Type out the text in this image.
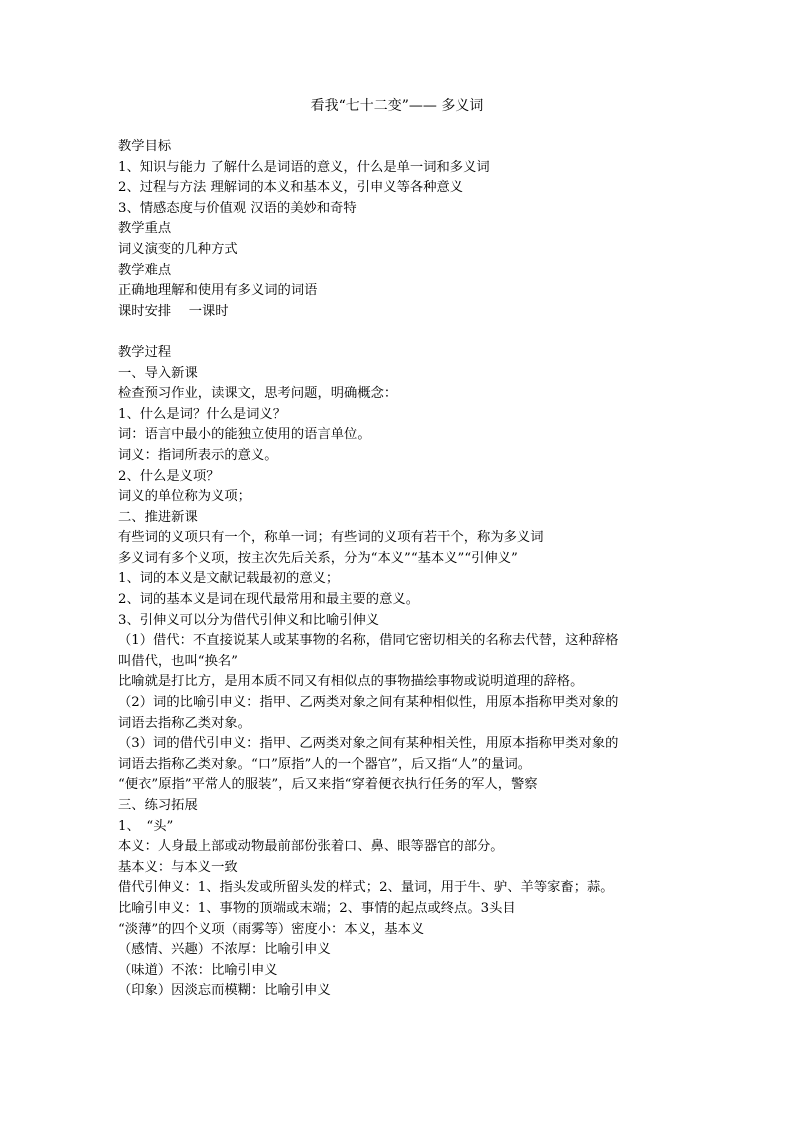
看我“七十二变”—— 多义词
教学目标
1、知识与能力 了解什么是词语的意义，什么是单一词和多义词
2、过程与方法 理解词的本义和基本义，引申义等各种意义
3、情感态度与价值观 汉语的美妙和奇特
教学重点
词义演变的几种方式
教学难点
正确地理解和使用有多义词的词语
课时安排　 一课时
教学过程
一、导入新课
检查预习作业，读课文，思考问题，明确概念：
1、什么是词？什么是词义？
词：语言中最小的能独立使用的语言单位。
词义：指词所表示的意义。
2、什么是义项？
词义的单位称为义项；
二、推进新课
有些词的义项只有一个，称单一词；有些词的义项有若干个，称为多义词
多义词有多个义项，按主次先后关系，分为“本义”“基本义”“引伸义”
1、词的本义是文献记载最初的意义；
2、词的基本义是词在现代最常用和最主要的意义。
3、引伸义可以分为借代引伸义和比喻引伸义
（1）借代：不直接说某人或某事物的名称，借同它密切相关的名称去代替，这种辞格
叫借代，也叫“换名”
比喻就是打比方，是用本质不同又有相似点的事物描绘事物或说明道理的辞格。
（2）词的比喻引申义：指甲、乙两类对象之间有某种相似性，用原本指称甲类对象的
词语去指称乙类对象。
（3）词的借代引申义：指甲、乙两类对象之间有某种相关性，用原本指称甲类对象的
词语去指称乙类对象。“口”原指”人的一个器官”，后又指“人”的量词。
“便衣”原指”平常人的服装”，后又来指“穿着便衣执行任务的军人，警察
三、练习拓展
1、　“头”
本义：人身最上部或动物最前部份张着口、鼻、眼等器官的部分。
基本义：与本义一致
借代引伸义：1、指头发或所留头发的样式；2、量词，用于牛、驴、羊等家畜；蒜。
比喻引申义：1、事物的顶端或末端；2、事情的起点或终点。3头目
“淡薄”的四个义项（雨雾等）密度小：本义，基本义
（感情、兴趣）不浓厚：比喻引申义
（味道）不浓：比喻引申义
（印象）因淡忘而模糊：比喻引申义
